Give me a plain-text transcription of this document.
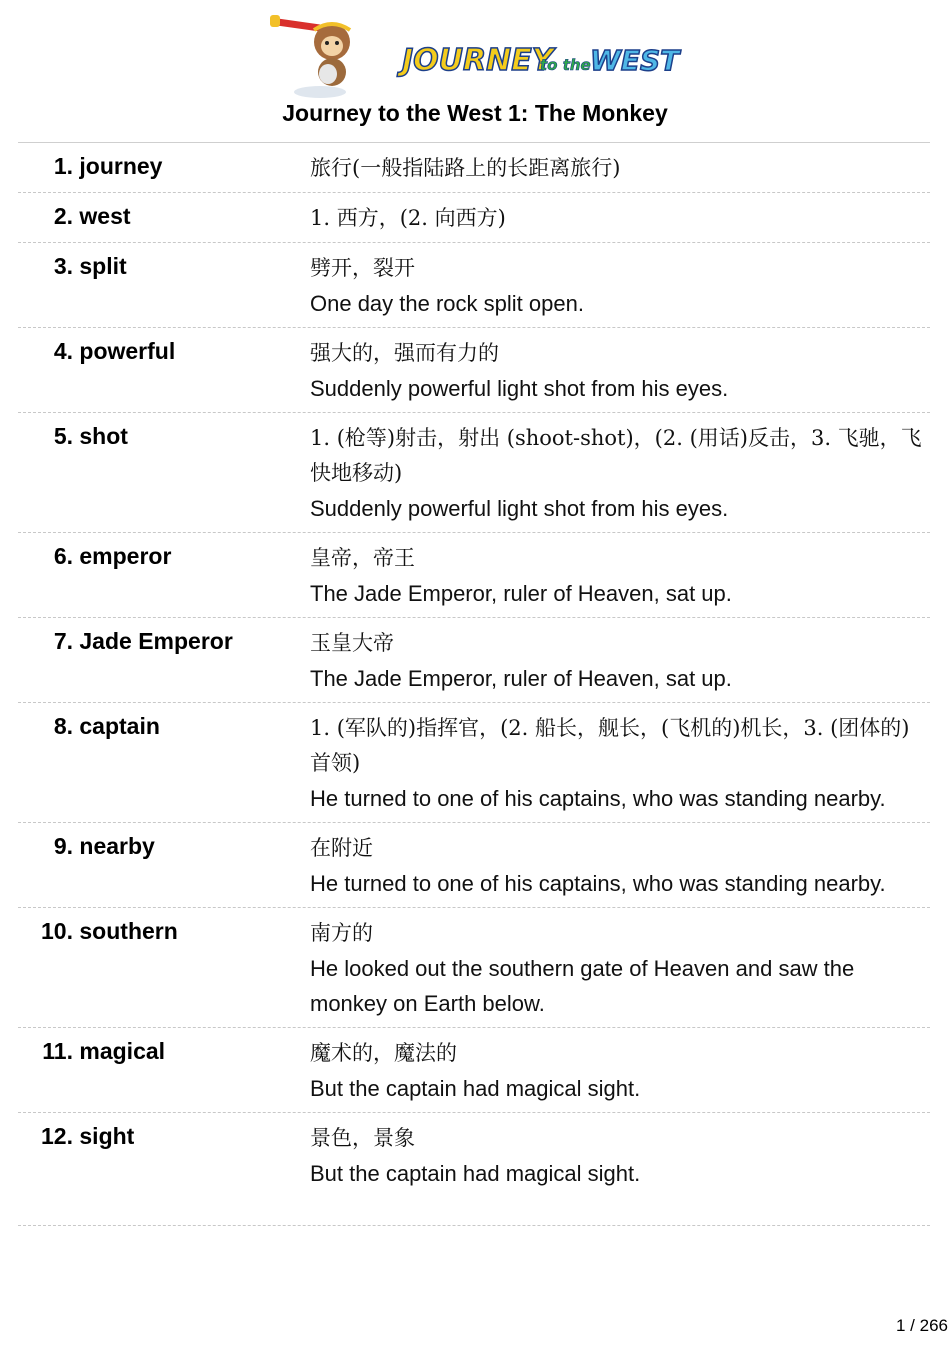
JOURNEY
to the WEST
Journey to the West 1: The Monkey
1. journey	旅行(一般指陆路上的长距离旅行)
2. west	1. 西方，(2. 向西方)
3. split	劈开，裂开
One day the rock split open.
4. powerful	强大的，强而有力的
Suddenly powerful light shot from his eyes.
5. shot	1. (枪等)射击，射出 (shoot-shot)，(2. (用话)反击，3. 飞驰，飞快地移动)
Suddenly powerful light shot from his eyes.
6. emperor	皇帝，帝王
The Jade Emperor, ruler of Heaven, sat up.
7. Jade Emperor	玉皇大帝
The Jade Emperor, ruler of Heaven, sat up.
8. captain	1. (军队的)指挥官，(2. 船长，舰长，(飞机的)机长，3. (团体的)首领)
He turned to one of his captains, who was standing nearby.
9. nearby	在附近
He turned to one of his captains, who was standing nearby.
10. southern	南方的
He looked out the southern gate of Heaven and saw the monkey on Earth below.
11. magical	魔术的，魔法的
But the captain had magical sight.
12. sight	景色，景象
But the captain had magical sight.
1 / 266
